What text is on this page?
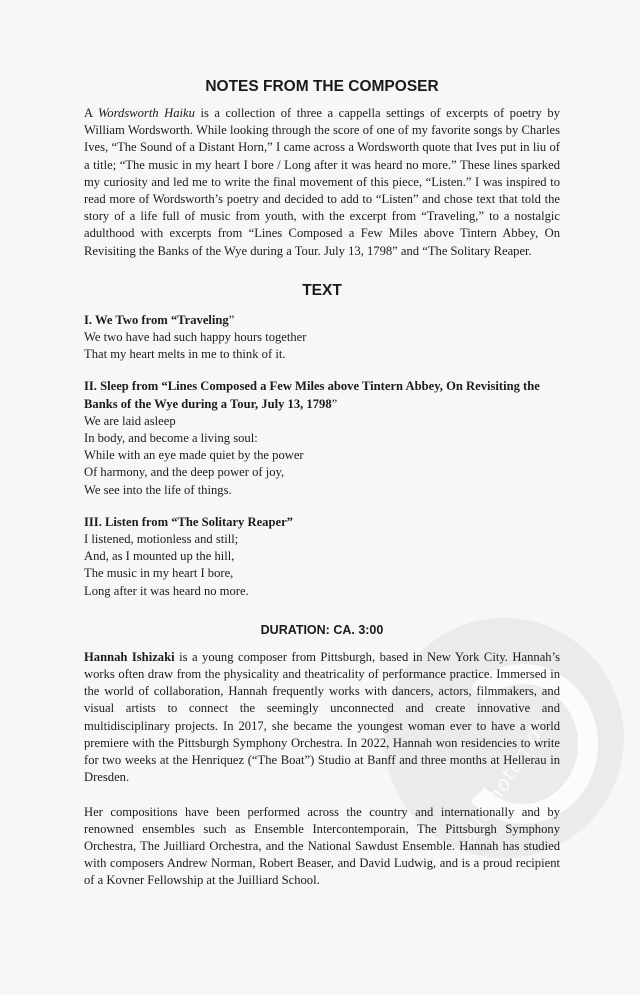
alle-noten.de
NOTES FROM THE COMPOSER

A Wordsworth Haiku is a collection of three a cappella settings of excerpts of poetry by William Wordsworth. While looking through the score of one of my favorite songs by Charles Ives, “The Sound of a Distant Horn,” I came across a Wordsworth quote that Ives put in liu of a title; “The music in my heart I bore / Long after it was heard no more.” These lines sparked my curiosity and led me to write the final movement of this piece, “Listen.” I was inspired to read more of Wordsworth’s poetry and decided to add to “Listen” and chose text that told the story of a life full of music from youth, with the excerpt from “Traveling,” to a nostalgic adulthood with excerpts from “Lines Composed a Few Miles above Tintern Abbey, On Revisiting the Banks of the Wye during a Tour. July 13, 1798” and “The Solitary Reaper.

TEXT

I. We Two from “Traveling”

We two have had such happy hours together
That my heart melts in me to think of it.

II. Sleep from “Lines Composed a Few Miles above Tintern Abbey, On Revisiting the Banks of the Wye during a Tour, July 13, 1798”

We are laid asleep
In body, and become a living soul:
While with an eye made quiet by the power
Of harmony, and the deep power of joy,
We see into the life of things.

III. Listen from “The Solitary Reaper”

I listened, motionless and still;
And, as I mounted up the hill,
The music in my heart I bore,
Long after it was heard no more.

DURATION: CA. 3:00

Hannah Ishizaki is a young composer from Pittsburgh, based in New York City. Hannah’s works often draw from the physicality and theatricality of performance practice. Immersed in the world of collaboration, Hannah frequently works with dancers, actors, filmmakers, and visual artists to connect the seemingly unconnected and create innovative and multidisciplinary projects. In 2017, she became the youngest woman ever to have a world premiere with the Pittsburgh Symphony Orchestra. In 2022, Hannah won residencies to write for two weeks at the Henriquez (“The Boat”) Studio at Banff and three months at Hellerau in Dresden.

Her compositions have been performed across the country and internationally and by renowned ensembles such as Ensemble Intercontemporain, The Pittsburgh Symphony Orchestra, The Juilliard Orchestra, and the National Sawdust Ensemble. Hannah has studied with composers Andrew Norman, Robert Beaser, and David Ludwig, and is a proud recipient of a Kovner Fellowship at the Juilliard School.
